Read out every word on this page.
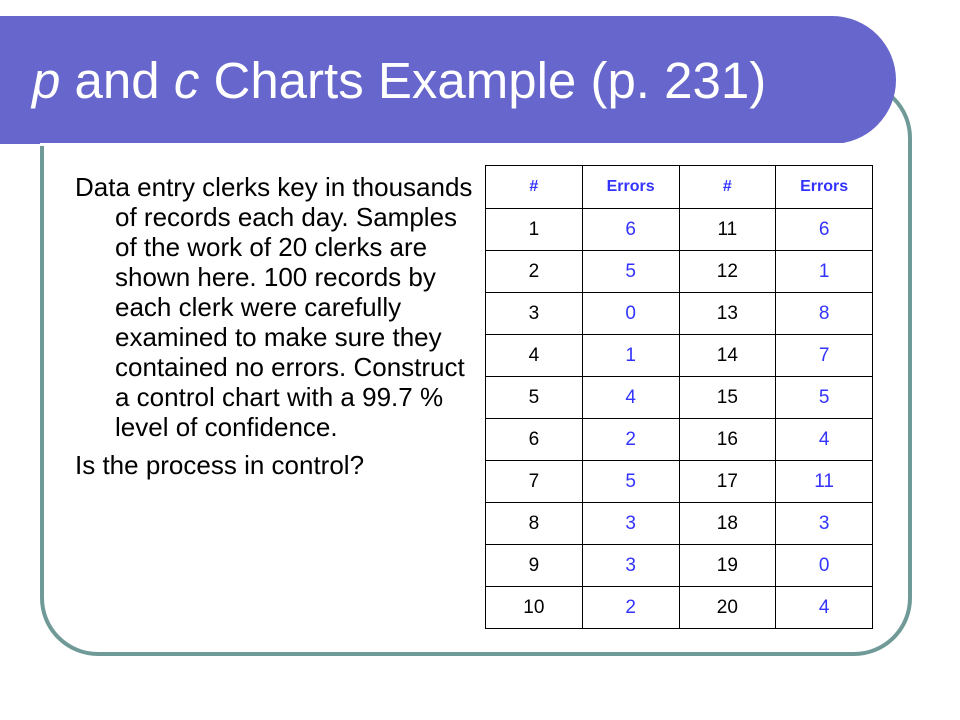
p and c Charts Example (p. 231)

Data entry clerks key in thousands of records each day. Samples of the work of 20 clerks are shown here. 100 records by each clerk were carefully examined to make sure they contained no errors. Construct a control chart with a 99.7 % level of confidence.

Is the process in control?

#	Errors	#	Errors
1	6	11	6
2	5	12	1
3	0	13	8
4	1	14	7
5	4	15	5
6	2	16	4
7	5	17	11
8	3	18	3
9	3	19	0
10	2	20	4
